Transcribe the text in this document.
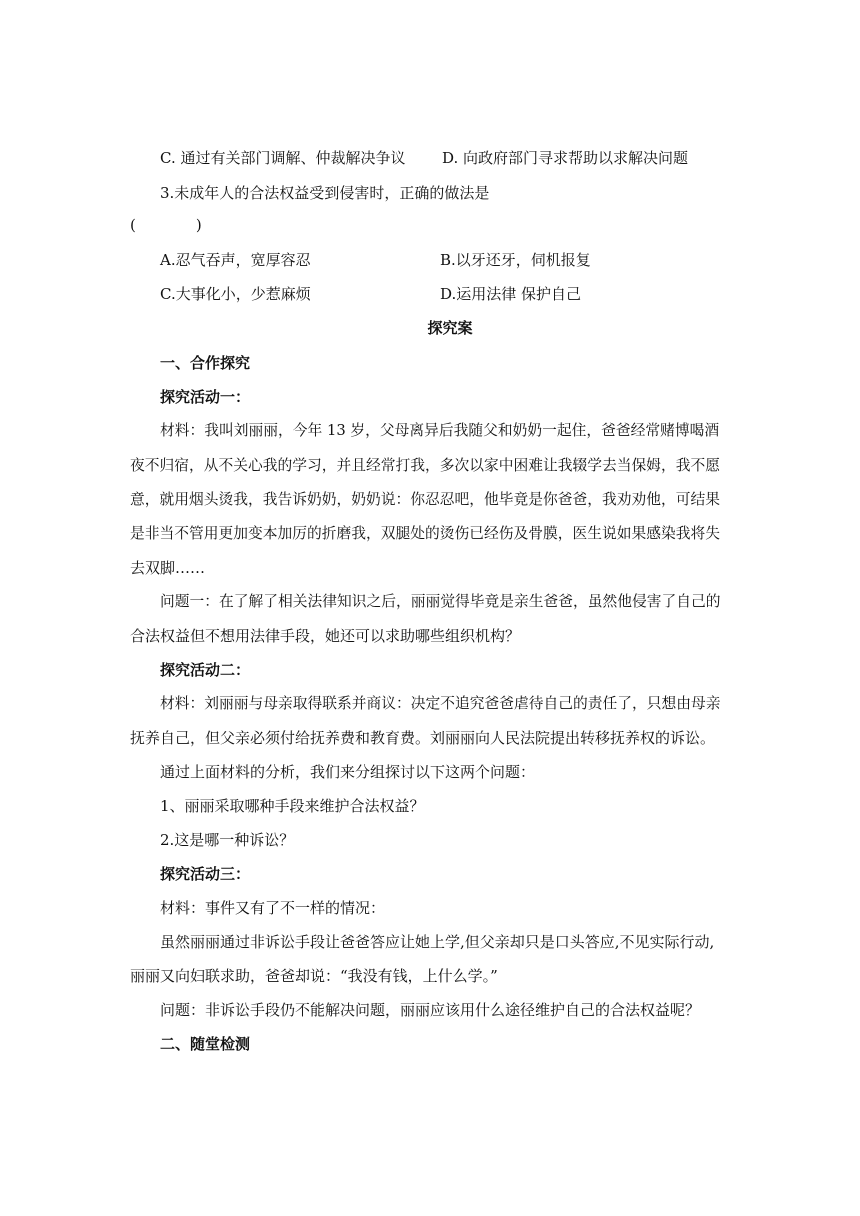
C. 通过有关部门调解、仲裁解决争议 D. 向政府部门寻求帮助以求解决问题
3.未成年人的合法权益受到侵害时，正确的做法是
(　　　　)
A.忍气吞声，宽厚容忍	B.以牙还牙，伺机报复
C.大事化小，少惹麻烦	D.运用法律 保护自己
探究案
一、合作探究
探究活动一：
材料：我叫刘丽丽，今年 13 岁，父母离异后我随父和奶奶一起住，爸爸经常赌博喝酒
夜不归宿，从不关心我的学习，并且经常打我，多次以家中困难让我辍学去当保姆，我不愿
意，就用烟头烫我，我告诉奶奶，奶奶说：你忍忍吧，他毕竟是你爸爸，我劝劝他，可结果
是非当不管用更加变本加厉的折磨我，双腿处的烫伤已经伤及骨膜，医生说如果感染我将失
去双脚……
问题一：在了解了相关法律知识之后，丽丽觉得毕竟是亲生爸爸，虽然他侵害了自己的
合法权益但不想用法律手段，她还可以求助哪些组织机构？
探究活动二：
材料：刘丽丽与母亲取得联系并商议：决定不追究爸爸虐待自己的责任了，只想由母亲
抚养自己，但父亲必须付给抚养费和教育费。刘丽丽向人民法院提出转移抚养权的诉讼。
通过上面材料的分析，我们来分组探讨以下这两个问题：
1、丽丽采取哪种手段来维护合法权益？
2.这是哪一种诉讼？
探究活动三：
材料：事件又有了不一样的情况：
虽然丽丽通过非诉讼手段让爸爸答应让她上学,但父亲却只是口头答应,不见实际行动,
丽丽又向妇联求助，爸爸却说：“我没有钱，上什么学。”
问题：非诉讼手段仍不能解决问题，丽丽应该用什么途径维护自己的合法权益呢？
二、随堂检测
